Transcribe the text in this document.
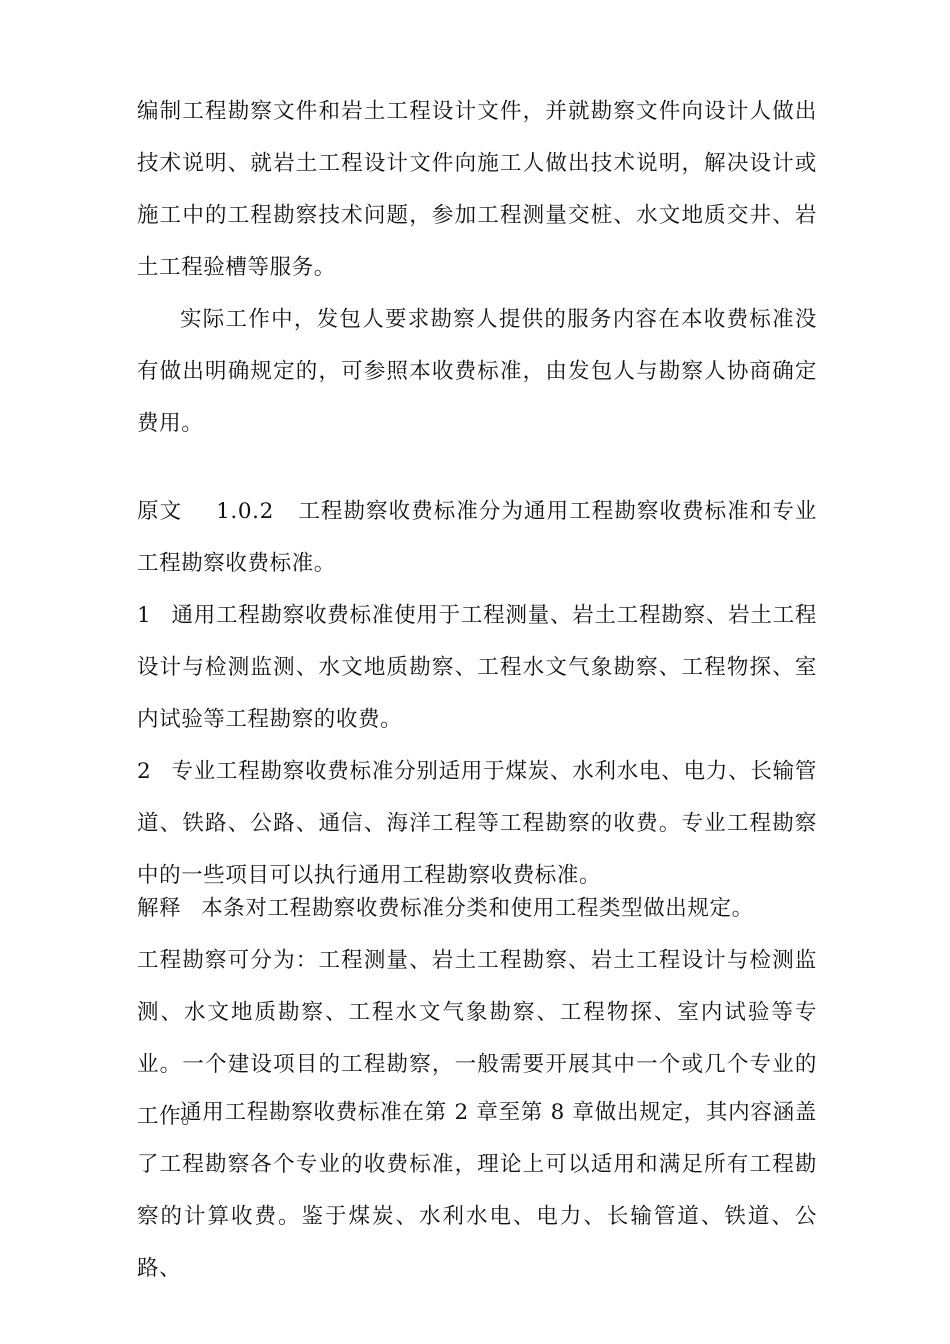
编制工程勘察文件和岩土工程设计文件，并就勘察文件向设计人做出技术说明、就岩土工程设计文件向施工人做出技术说明，解决设计或施工中的工程勘察技术问题，参加工程测量交桩、水文地质交井、岩土工程验槽等服务。

实际工作中，发包人要求勘察人提供的服务内容在本收费标准没有做出明确规定的，可参照本收费标准，由发包人与勘察人协商确定费用。

原文 1.0.2 工程勘察收费标准分为通用工程勘察收费标准和专业工程勘察收费标准。

1 通用工程勘察收费标准使用于工程测量、岩土工程勘察、岩土工程设计与检测监测、水文地质勘察、工程水文气象勘察、工程物探、室内试验等工程勘察的收费。

2 专业工程勘察收费标准分别适用于煤炭、水利水电、电力、长输管道、铁路、公路、通信、海洋工程等工程勘察的收费。专业工程勘察中的一些项目可以执行通用工程勘察收费标准。

解释 本条对工程勘察收费标准分类和使用工程类型做出规定。

工程勘察可分为：工程测量、岩土工程勘察、岩土工程设计与检测监测、水文地质勘察、工程水文气象勘察、工程物探、室内试验等专业。一个建设项目的工程勘察，一般需要开展其中一个或几个专业的工作。

通用工程勘察收费标准在第 2 章至第 8 章做出规定，其内容涵盖了工程勘察各个专业的收费标准，理论上可以适用和满足所有工程勘察的计算收费。鉴于煤炭、水利水电、电力、长输管道、铁道、公路、
